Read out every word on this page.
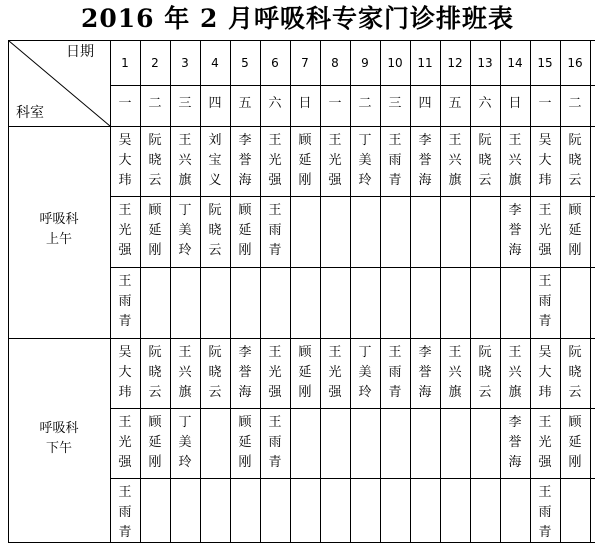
2016 年 2 月呼吸科专家门诊排班表
日期
科室
1
一
2
二
3
三
4
四
5
五
6
六
7
日
8
一
9
二
10
三
11
四
12
五
13
六
14
日
15
一
16
二
呼吸科
上午
吴
大
玮
阮
晓
云
王
兴
旗
刘
宝
义
李
誉
海
王
光
强
顾
延
刚
王
光
强
丁
美
玲
王
雨
青
李
誉
海
王
兴
旗
阮
晓
云
王
兴
旗
吴
大
玮
阮
晓
云
王
光
强
顾
延
刚
丁
美
玲
阮
晓
云
顾
延
刚
王
雨
青
李
誉
海
王
光
强
顾
延
刚
王
雨
青
王
雨
青
呼吸科
下午
吴
大
玮
阮
晓
云
王
兴
旗
阮
晓
云
李
誉
海
王
光
强
顾
延
刚
王
光
强
丁
美
玲
王
雨
青
李
誉
海
王
兴
旗
阮
晓
云
王
兴
旗
吴
大
玮
阮
晓
云
王
光
强
顾
延
刚
丁
美
玲
顾
延
刚
王
雨
青
李
誉
海
王
光
强
顾
延
刚
王
雨
青
王
雨
青
